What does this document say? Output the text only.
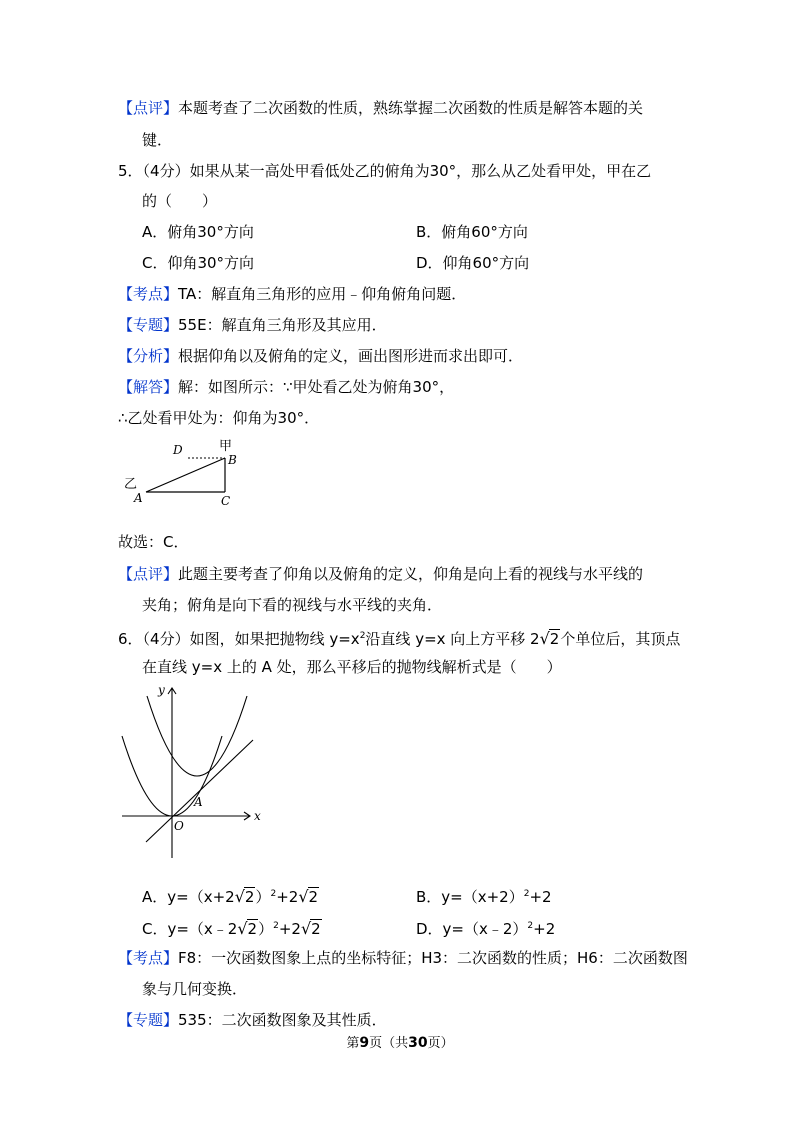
【点评】本题考查了二次函数的性质，熟练掌握二次函数的性质是解答本题的关
键．
5．（4分）如果从某一高处甲看低处乙的俯角为30°，那么从乙处看甲处，甲在乙
的（　　）
A．俯角30°方向	B．俯角60°方向
C．仰角30°方向	D．仰角60°方向
【考点】TA：解直角三角形的应用﹣仰角俯角问题．
【专题】55E：解直角三角形及其应用．
【分析】根据仰角以及俯角的定义，画出图形进而求出即可．
【解答】解：如图所示：∵甲处看乙处为俯角30°，
∴乙处看甲处为：仰角为30°．
D	甲
B
乙
A	C
故选：C．
【点评】此题主要考查了仰角以及俯角的定义，仰角是向上看的视线与水平线的
夹角；俯角是向下看的视线与水平线的夹角．
6．（4分）如图，如果把抛物线 $y=x^2$沿直线 y=x 向上方平移 2√2个单位后，其顶点
在直线 y=x 上的 A 处，那么平移后的抛物线解析式是（　　）
y
x
O
A
A．$y=(x+2√2)^2+2√2$	B．$y=(x+2)^2+2$
C．y=（x﹣2√2）$^2$+2√2	D．y=（x﹣2）$^2$+2
【考点】F8：一次函数图象上点的坐标特征；H3：二次函数的性质；H6：二次函数图
象与几何变换．
【专题】535：二次函数图象及其性质．
第9页（共30页）
